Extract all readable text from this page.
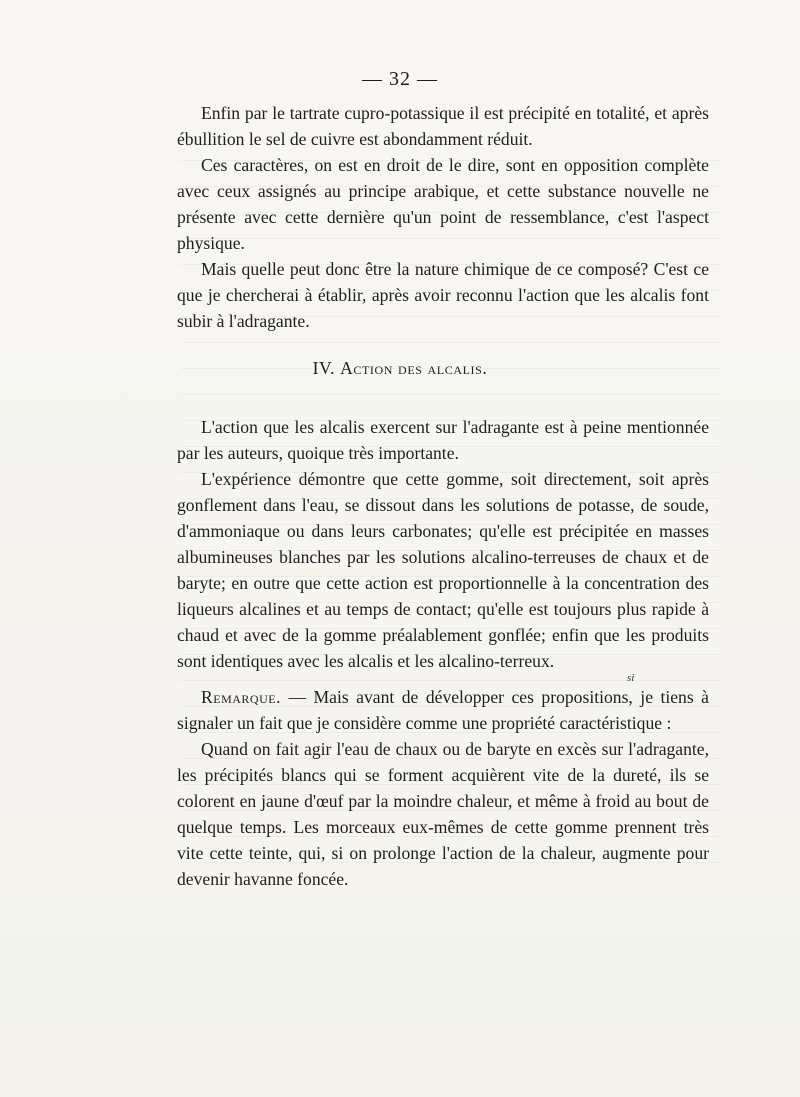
— 32 —

Enfin par le tartrate cupro-potassique il est précipité en totalité, et après ébullition le sel de cuivre est abondamment réduit.

Ces caractères, on est en droit de le dire, sont en opposition complète avec ceux assignés au principe arabique, et cette substance nouvelle ne présente avec cette dernière qu'un point de ressemblance, c'est l'aspect physique.

Mais quelle peut donc être la nature chimique de ce composé? C'est ce que je chercherai à établir, après avoir reconnu l'action que les alcalis font subir à l'adragante.

IV. Action des alcalis.

L'action que les alcalis exercent sur l'adragante est à peine mentionnée par les auteurs, quoique très importante.

L'expérience démontre que cette gomme, soit directement, soit après gonflement dans l'eau, se dissout dans les solutions de potasse, de soude, d'ammoniaque ou dans leurs carbonates; qu'elle est précipitée en masses albumineuses blanches par les solutions alcalino-terreuses de chaux et de baryte; en outre que cette action est proportionnelle à la concentration des liqueurs alcalines et au temps de contact; qu'elle est toujours plus rapide à chaud et avec de la gomme préalablement gonflée; enfin que les produits sont identiques avec les alcalis et les alcalino-terreux.

Remarque. — Mais avant de développer ces propositions, je tiens à signaler un fait que je considère comme une propriété caractéristique :

Quand on fait agir l'eau de chaux ou de baryte en excès sur l'adragante, les précipités blancs qui se forment acquièrent vite de la dureté, ils se colorent en jaune d'œuf par la moindre chaleur, et même à froid au bout de quelque temps. Les morceaux eux-mêmes de cette gomme prennent très vite cette teinte, qui, si on prolonge l'action de la chaleur, augmente pour devenir havanne foncée.

si
